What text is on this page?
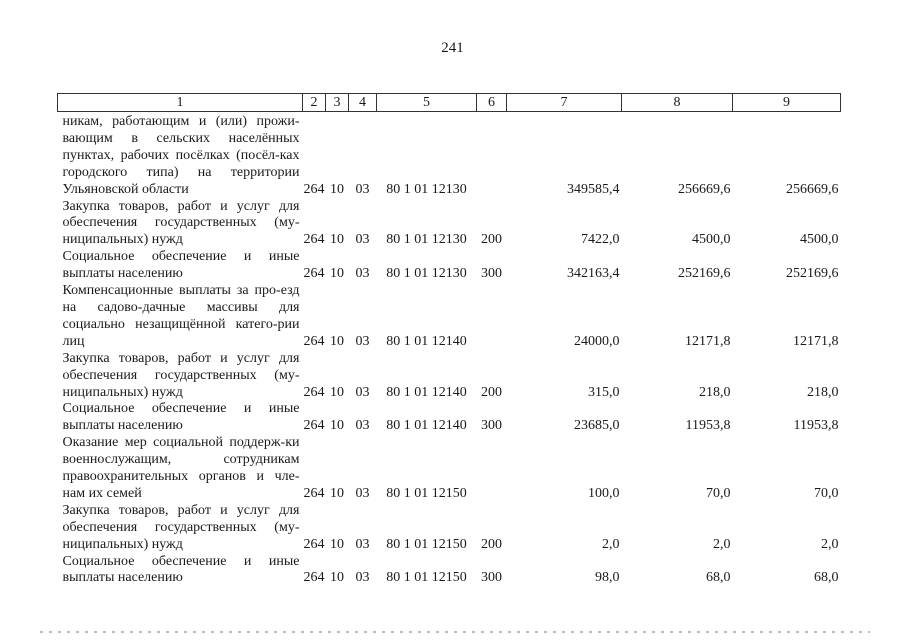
241
1	2	3	4	5	6	7	8	9
никам, работающим и (или) прожи-вающим в сельских населённых пунктах, рабочих посёлках (посёл-ках городского типа) на территории Ульяновской области	264	10	03	80 1 01 12130		349585,4	256669,6	256669,6
Закупка товаров, работ и услуг для обеспечения государственных (му-ниципальных) нужд	264	10	03	80 1 01 12130	200	7422,0	4500,0	4500,0
Социальное обеспечение и иные выплаты населению	264	10	03	80 1 01 12130	300	342163,4	252169,6	252169,6
Компенсационные выплаты за про-езд на садово-дачные массивы для социально незащищённой катего-рии лиц	264	10	03	80 1 01 12140		24000,0	12171,8	12171,8
Закупка товаров, работ и услуг для обеспечения государственных (му-ниципальных) нужд	264	10	03	80 1 01 12140	200	315,0	218,0	218,0
Социальное обеспечение и иные выплаты населению	264	10	03	80 1 01 12140	300	23685,0	11953,8	11953,8
Оказание мер социальной поддерж-ки военнослужащим, сотрудникам правоохранительных органов и чле-нам их семей	264	10	03	80 1 01 12150		100,0	70,0	70,0
Закупка товаров, работ и услуг для обеспечения государственных (му-ниципальных) нужд	264	10	03	80 1 01 12150	200	2,0	2,0	2,0
Социальное обеспечение и иные выплаты населению	264	10	03	80 1 01 12150	300	98,0	68,0	68,0
